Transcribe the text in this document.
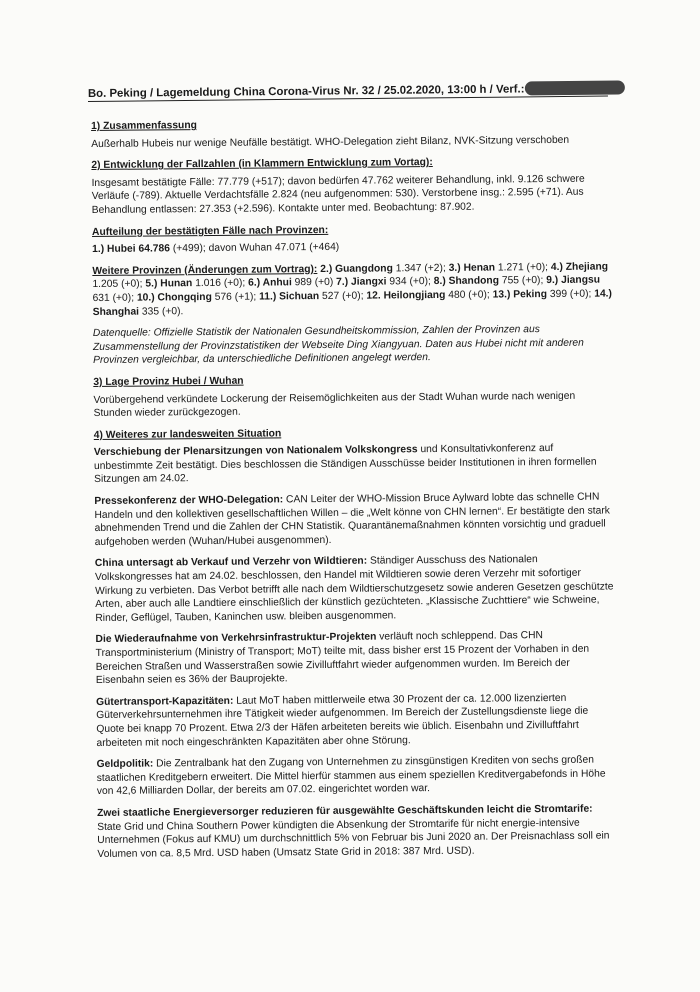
Bo. Peking / Lagemeldung China Corona-Virus Nr. 32 / 25.02.2020, 13:00 h / Verf.:
1) Zusammenfassung
Außerhalb Hubeis nur wenige Neufälle bestätigt. WHO-Delegation zieht Bilanz, NVK-Sitzung verschoben
2) Entwicklung der Fallzahlen (in Klammern Entwicklung zum Vortag):
Insgesamt bestätigte Fälle: 77.779 (+517); davon bedürfen 47.762 weiterer Behandlung, inkl. 9.126 schwere Verläufe (-789). Aktuelle Verdachtsfälle 2.824 (neu aufgenommen: 530). Verstorbene insg.: 2.595 (+71). Aus Behandlung entlassen: 27.353 (+2.596). Kontakte unter med. Beobachtung: 87.902.
Aufteilung der bestätigten Fälle nach Provinzen:
1.) Hubei 64.786 (+499); davon Wuhan 47.071 (+464)
Weitere Provinzen (Änderungen zum Vortrag): 2.) Guangdong 1.347 (+2); 3.) Henan 1.271 (+0); 4.) Zhejiang 1.205 (+0); 5.) Hunan 1.016 (+0); 6.) Anhui 989 (+0) 7.) Jiangxi 934 (+0); 8.) Shandong 755 (+0); 9.) Jiangsu 631 (+0); 10.) Chongqing 576 (+1); 11.) Sichuan 527 (+0); 12. Heilongjiang 480 (+0); 13.) Peking 399 (+0); 14.) Shanghai 335 (+0).
Datenquelle: Offizielle Statistik der Nationalen Gesundheitskommission, Zahlen der Provinzen aus Zusammenstellung der Provinzstatistiken der Webseite Ding Xiangyuan. Daten aus Hubei nicht mit anderen Provinzen vergleichbar, da unterschiedliche Definitionen angelegt werden.
3) Lage Provinz Hubei / Wuhan
Vorübergehend verkündete Lockerung der Reisemöglichkeiten aus der Stadt Wuhan wurde nach wenigen Stunden wieder zurückgezogen.
4) Weiteres zur landesweiten Situation
Verschiebung der Plenarsitzungen von Nationalem Volkskongress und Konsultativkonferenz auf unbestimmte Zeit bestätigt. Dies beschlossen die Ständigen Ausschüsse beider Institutionen in ihren formellen Sitzungen am 24.02.
Pressekonferenz der WHO-Delegation: CAN Leiter der WHO-Mission Bruce Aylward lobte das schnelle CHN Handeln und den kollektiven gesellschaftlichen Willen – die „Welt könne von CHN lernen“. Er bestätigte den stark abnehmenden Trend und die Zahlen der CHN Statistik. Quarantänemaßnahmen könnten vorsichtig und graduell aufgehoben werden (Wuhan/Hubei ausgenommen).
China untersagt ab Verkauf und Verzehr von Wildtieren: Ständiger Ausschuss des Nationalen Volkskongresses hat am 24.02. beschlossen, den Handel mit Wildtieren sowie deren Verzehr mit sofortiger Wirkung zu verbieten. Das Verbot betrifft alle nach dem Wildtierschutzgesetz sowie anderen Gesetzen geschützte Arten, aber auch alle Landtiere einschließlich der künstlich gezüchteten. „Klassische Zuchttiere“ wie Schweine, Rinder, Geflügel, Tauben, Kaninchen usw. bleiben ausgenommen.
Die Wiederaufnahme von Verkehrsinfrastruktur-Projekten verläuft noch schleppend. Das CHN Transportministerium (Ministry of Transport; MoT) teilte mit, dass bisher erst 15 Prozent der Vorhaben in den Bereichen Straßen und Wasserstraßen sowie Zivilluftfahrt wieder aufgenommen wurden. Im Bereich der Eisenbahn seien es 36% der Bauprojekte.
Gütertransport-Kapazitäten: Laut MoT haben mittlerweile etwa 30 Prozent der ca. 12.000 lizenzierten Güterverkehrsunternehmen ihre Tätigkeit wieder aufgenommen. Im Bereich der Zustellungsdienste liege die Quote bei knapp 70 Prozent. Etwa 2/3 der Häfen arbeiteten bereits wie üblich. Eisenbahn und Zivilluftfahrt arbeiteten mit noch eingeschränkten Kapazitäten aber ohne Störung.
Geldpolitik: Die Zentralbank hat den Zugang von Unternehmen zu zinsgünstigen Krediten von sechs großen staatlichen Kreditgebern erweitert. Die Mittel hierfür stammen aus einem speziellen Kreditvergabefonds in Höhe von 42,6 Milliarden Dollar, der bereits am 07.02. eingerichtet worden war.
Zwei staatliche Energieversorger reduzieren für ausgewählte Geschäftskunden leicht die Stromtarife: State Grid und China Southern Power kündigten die Absenkung der Stromtarife für nicht energie-intensive Unternehmen (Fokus auf KMU) um durchschnittlich 5% von Februar bis Juni 2020 an. Der Preisnachlass soll ein Volumen von ca. 8,5 Mrd. USD haben (Umsatz State Grid in 2018: 387 Mrd. USD).
